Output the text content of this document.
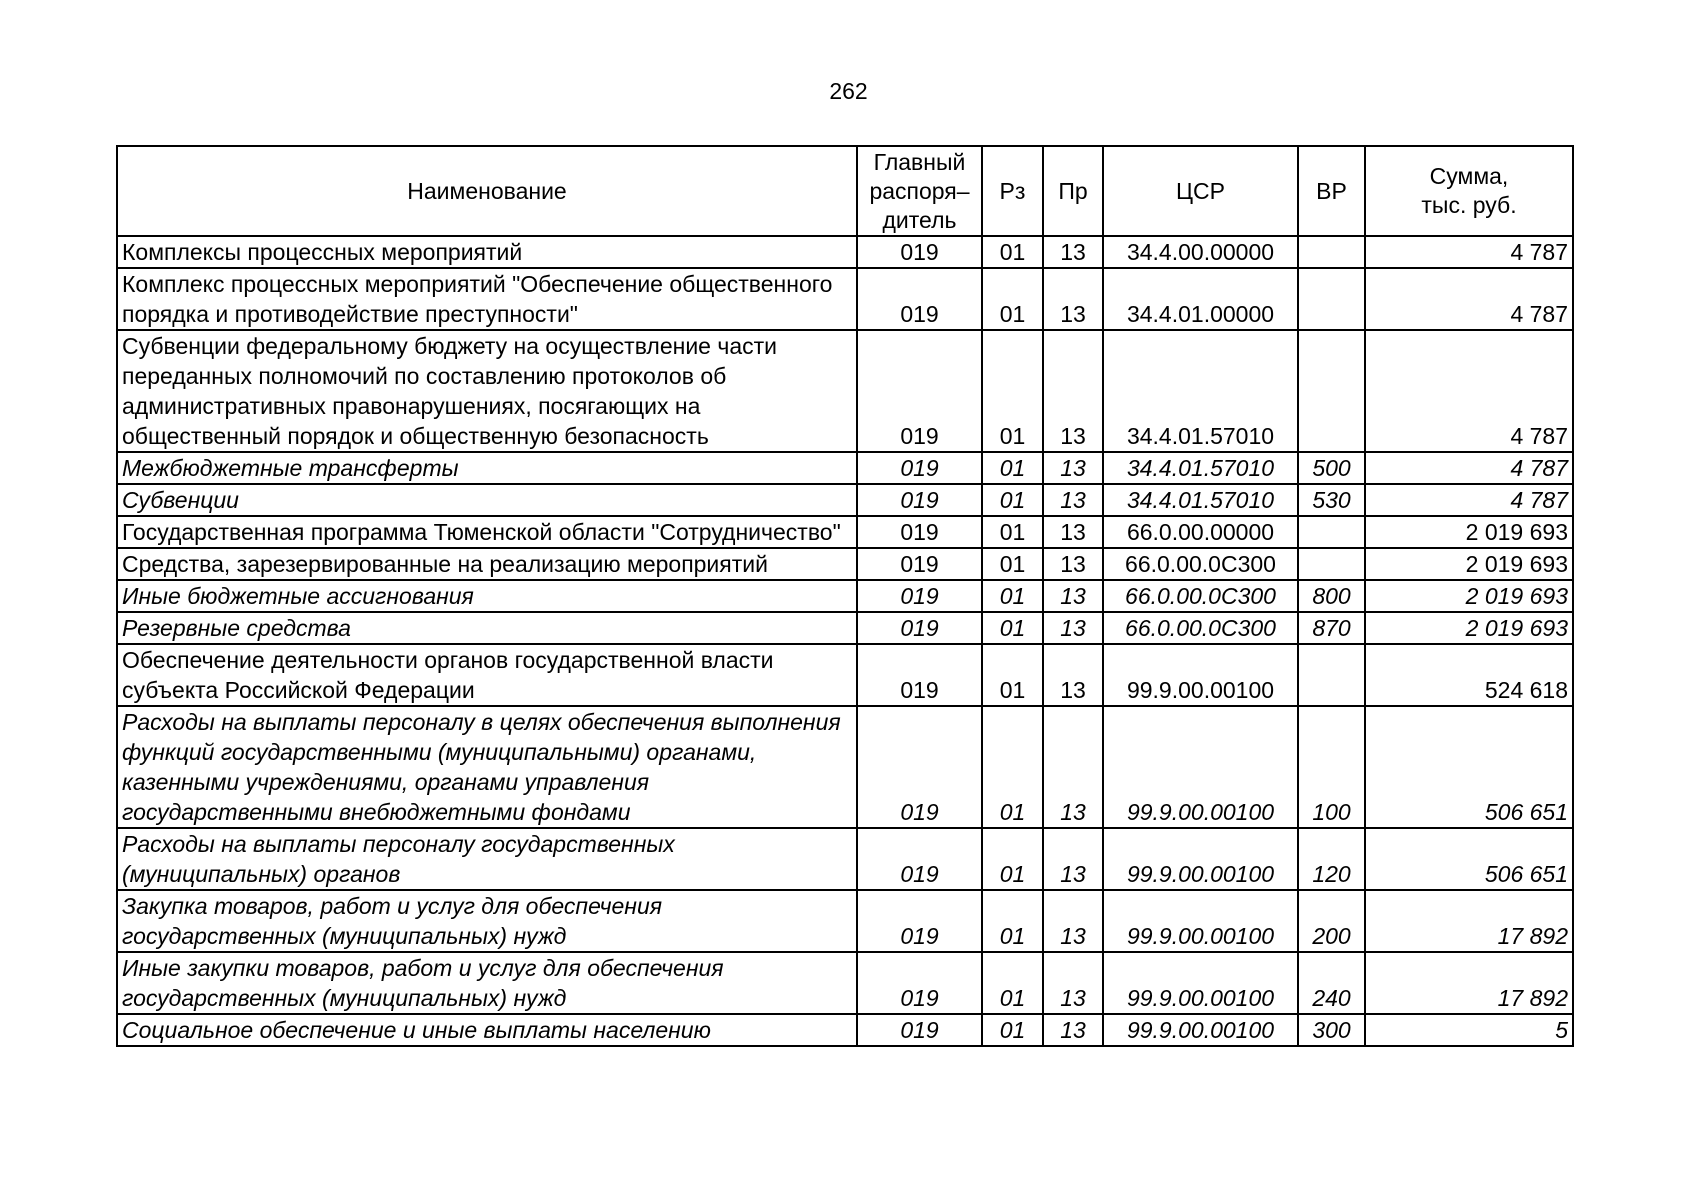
262
Наименование	Главный распоря– дитель	Рз	Пр	ЦСР	ВР	Сумма,
тыс. руб.

Комплексы процессных мероприятий	019	01	13	34.4.00.00000		4 787
Комплекс процессных мероприятий "Обеспечение общественного порядка и противодействие преступности"	019	01	13	34.4.01.00000		4 787
Субвенции федеральному бюджету на осуществление части переданных полномочий по составлению протоколов об административных правонарушениях, посягающих на общественный порядок и общественную безопасность	019	01	13	34.4.01.57010		4 787
Межбюджетные трансферты	019	01	13	34.4.01.57010	500	4 787
Субвенции	019	01	13	34.4.01.57010	530	4 787
Государственная программа Тюменской области "Сотрудничество"	019	01	13	66.0.00.00000		2 019 693
Средства, зарезервированные на реализацию мероприятий	019	01	13	66.0.00.0С300		2 019 693
Иные бюджетные ассигнования	019	01	13	66.0.00.0С300	800	2 019 693
Резервные средства	019	01	13	66.0.00.0С300	870	2 019 693
Обеспечение деятельности органов государственной власти субъекта Российской Федерации	019	01	13	99.9.00.00100		524 618
Расходы на выплаты персоналу в целях обеспечения выполнения функций государственными (муниципальными) органами, казенными учреждениями, органами управления государственными внебюджетными фондами	019	01	13	99.9.00.00100	100	506 651
Расходы на выплаты персоналу государственных (муниципальных) органов	019	01	13	99.9.00.00100	120	506 651
Закупка товаров, работ и услуг для обеспечения государственных (муниципальных) нужд	019	01	13	99.9.00.00100	200	17 892
Иные закупки товаров, работ и услуг для обеспечения государственных (муниципальных) нужд	019	01	13	99.9.00.00100	240	17 892
Социальное обеспечение и иные выплаты населению	019	01	13	99.9.00.00100	300	5
